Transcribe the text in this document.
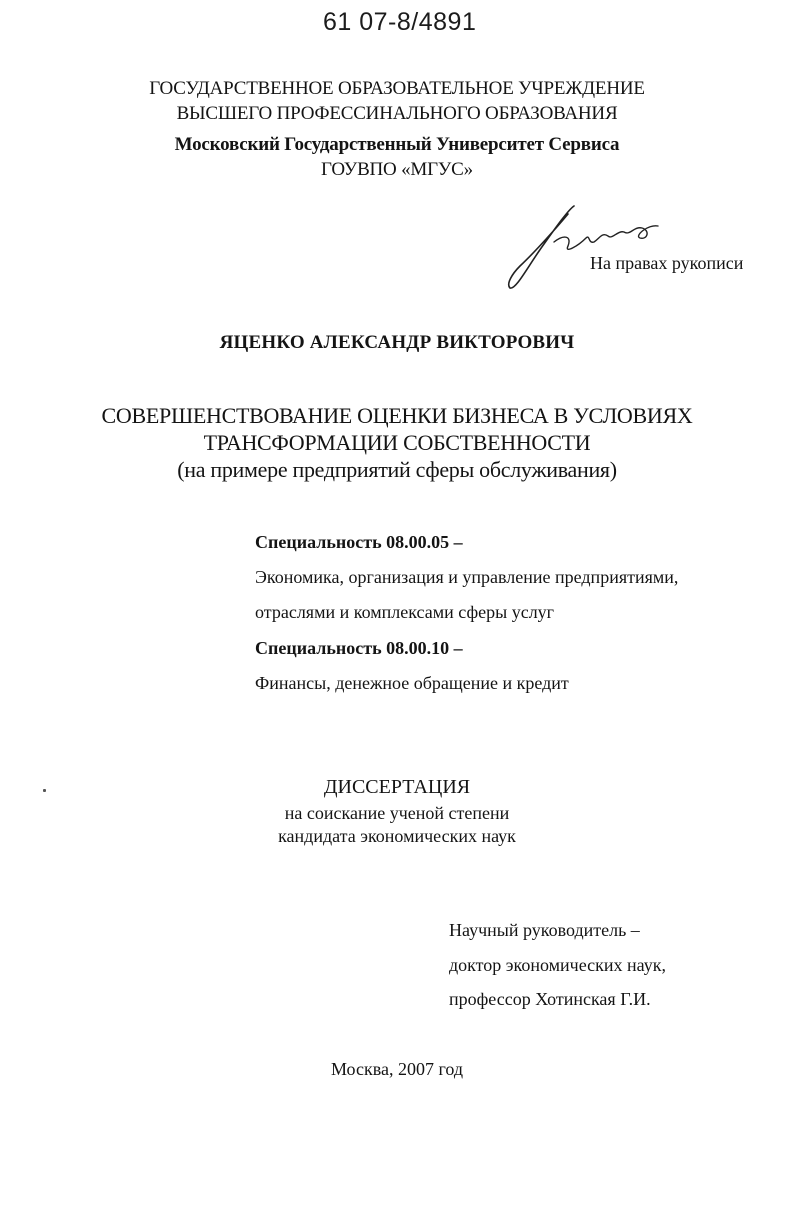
61 07-8/4891
ГОСУДАРСТВЕННОЕ ОБРАЗОВАТЕЛЬНОЕ УЧРЕЖДЕНИЕ
ВЫСШЕГО ПРОФЕССИНАЛЬНОГО ОБРАЗОВАНИЯ
Московский Государственный Университет Сервиса
ГОУВПО «МГУС»
На правах рукописи
ЯЦЕНКО АЛЕКСАНДР ВИКТОРОВИЧ
СОВЕРШЕНСТВОВАНИЕ ОЦЕНКИ БИЗНЕСА В УСЛОВИЯХ
ТРАНСФОРМАЦИИ СОБСТВЕННОСТИ
(на примере предприятий сферы обслуживания)
Специальность 08.00.05 –
Экономика, организация и управление предприятиями,
отраслями и комплексами сферы услуг
Специальность 08.00.10 –
Финансы, денежное обращение и кредит
ДИССЕРТАЦИЯ
на соискание ученой степени
кандидата экономических наук
Научный руководитель –
доктор экономических наук,
профессор Хотинская Г.И.
Москва, 2007 год
